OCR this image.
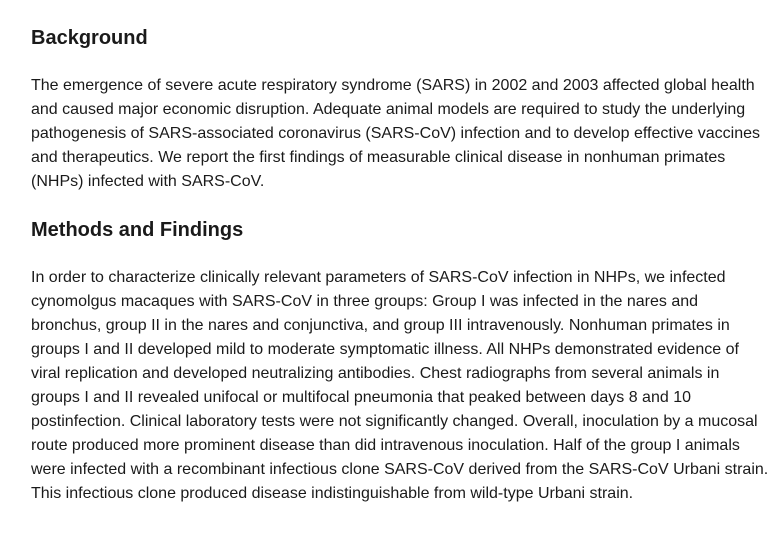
Background

The emergence of severe acute respiratory syndrome (SARS) in 2002 and 2003 affected global health and caused major economic disruption. Adequate animal models are required to study the underlying pathogenesis of SARS-associated coronavirus (SARS-CoV) infection and to develop effective vaccines and therapeutics. We report the first findings of measurable clinical disease in nonhuman primates (NHPs) infected with SARS-CoV.

Methods and Findings

In order to characterize clinically relevant parameters of SARS-CoV infection in NHPs, we infected cynomolgus macaques with SARS-CoV in three groups: Group I was infected in the nares and bronchus, group II in the nares and conjunctiva, and group III intravenously. Nonhuman primates in groups I and II developed mild to moderate symptomatic illness. All NHPs demonstrated evidence of viral replication and developed neutralizing antibodies. Chest radiographs from several animals in groups I and II revealed unifocal or multifocal pneumonia that peaked between days 8 and 10 postinfection. Clinical laboratory tests were not significantly changed. Overall, inoculation by a mucosal route produced more prominent disease than did intravenous inoculation. Half of the group I animals were infected with a recombinant infectious clone SARS-CoV derived from the SARS-CoV Urbani strain. This infectious clone produced disease indistinguishable from wild-type Urbani strain.
